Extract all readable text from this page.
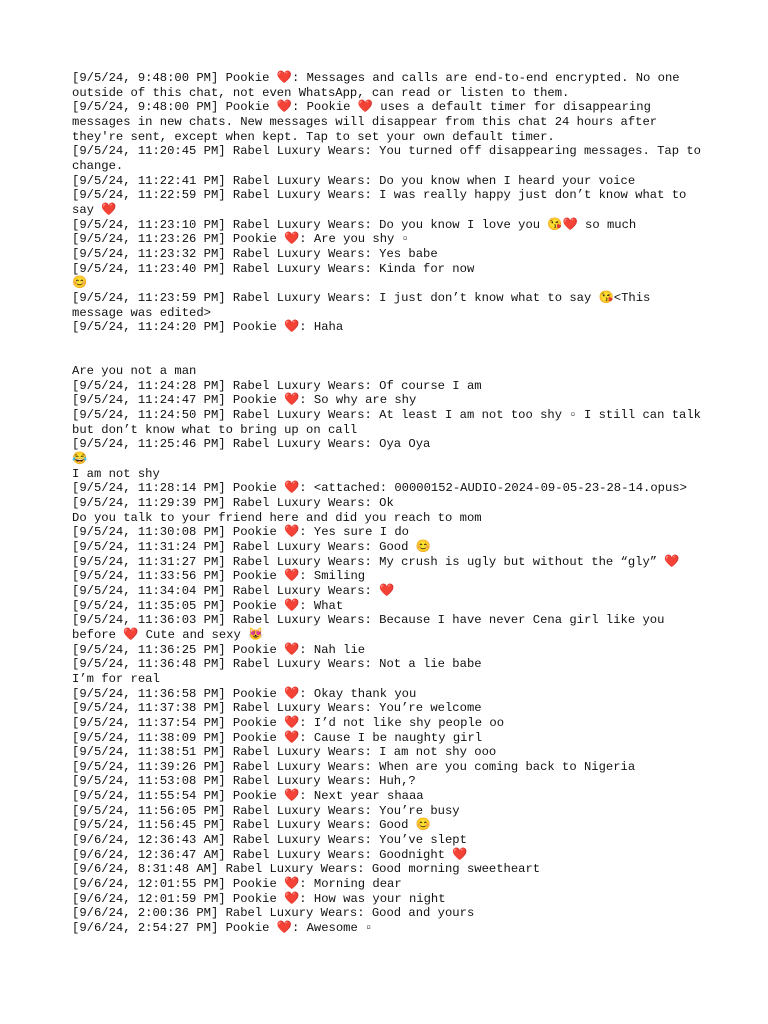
[9/5/24, 9:48:00 PM] Pookie ❤️: Messages and calls are end-to-end encrypted. No one outside of this chat, not even WhatsApp, can read or listen to them.
[9/5/24, 9:48:00 PM] Pookie ❤️: Pookie ❤️ uses a default timer for disappearing messages in new chats. New messages will disappear from this chat 24 hours after they're sent, except when kept. Tap to set your own default timer.
[9/5/24, 11:20:45 PM] Rabel Luxury Wears: You turned off disappearing messages. Tap to change.
[9/5/24, 11:22:41 PM] Rabel Luxury Wears: Do you know when I heard your voice
[9/5/24, 11:22:59 PM] Rabel Luxury Wears: I was really happy just don’t know what to say ❤️
[9/5/24, 11:23:10 PM] Rabel Luxury Wears: Do you know I love you 😘❤️ so much
[9/5/24, 11:23:26 PM] Pookie ❤️: Are you shy ▫
[9/5/24, 11:23:32 PM] Rabel Luxury Wears: Yes babe
[9/5/24, 11:23:40 PM] Rabel Luxury Wears: Kinda for now
😊
[9/5/24, 11:23:59 PM] Rabel Luxury Wears: I just don’t know what to say 😘<This message was edited>
[9/5/24, 11:24:20 PM] Pookie ❤️: Haha
Are you not a man
[9/5/24, 11:24:28 PM] Rabel Luxury Wears: Of course I am
[9/5/24, 11:24:47 PM] Pookie ❤️: So why are shy
[9/5/24, 11:24:50 PM] Rabel Luxury Wears: At least I am not too shy ▫ I still can talk but don’t know what to bring up on call
[9/5/24, 11:25:46 PM] Rabel Luxury Wears: Oya Oya
😂
I am not shy
[9/5/24, 11:28:14 PM] Pookie ❤️: <attached: 00000152-AUDIO-2024-09-05-23-28-14.opus>
[9/5/24, 11:29:39 PM] Rabel Luxury Wears: Ok
Do you talk to your friend here and did you reach to mom
[9/5/24, 11:30:08 PM] Pookie ❤️: Yes sure I do
[9/5/24, 11:31:24 PM] Rabel Luxury Wears: Good 😊
[9/5/24, 11:31:27 PM] Rabel Luxury Wears: My crush is ugly but without the “gly” ❤️
[9/5/24, 11:33:56 PM] Pookie ❤️: Smiling
[9/5/24, 11:34:04 PM] Rabel Luxury Wears: ❤️
[9/5/24, 11:35:05 PM] Pookie ❤️: What
[9/5/24, 11:36:03 PM] Rabel Luxury Wears: Because I have never Cena girl like you before ❤️ Cute and sexy 😻
[9/5/24, 11:36:25 PM] Pookie ❤️: Nah lie
[9/5/24, 11:36:48 PM] Rabel Luxury Wears: Not a lie babe
I’m for real
[9/5/24, 11:36:58 PM] Pookie ❤️: Okay thank you
[9/5/24, 11:37:38 PM] Rabel Luxury Wears: You’re welcome
[9/5/24, 11:37:54 PM] Pookie ❤️: I’d not like shy people oo
[9/5/24, 11:38:09 PM] Pookie ❤️: Cause I be naughty girl
[9/5/24, 11:38:51 PM] Rabel Luxury Wears: I am not shy ooo
[9/5/24, 11:39:26 PM] Rabel Luxury Wears: When are you coming back to Nigeria
[9/5/24, 11:53:08 PM] Rabel Luxury Wears: Huh,?
[9/5/24, 11:55:54 PM] Pookie ❤️: Next year shaaa
[9/5/24, 11:56:05 PM] Rabel Luxury Wears: You’re busy
[9/5/24, 11:56:45 PM] Rabel Luxury Wears: Good 😊
[9/6/24, 12:36:43 AM] Rabel Luxury Wears: You’ve slept
[9/6/24, 12:36:47 AM] Rabel Luxury Wears: Goodnight ❤️
[9/6/24, 8:31:48 AM] Rabel Luxury Wears: Good morning sweetheart
[9/6/24, 12:01:55 PM] Pookie ❤️: Morning dear
[9/6/24, 12:01:59 PM] Pookie ❤️: How was your night
[9/6/24, 2:00:36 PM] Rabel Luxury Wears: Good and yours
[9/6/24, 2:54:27 PM] Pookie ❤️: Awesome ▫
